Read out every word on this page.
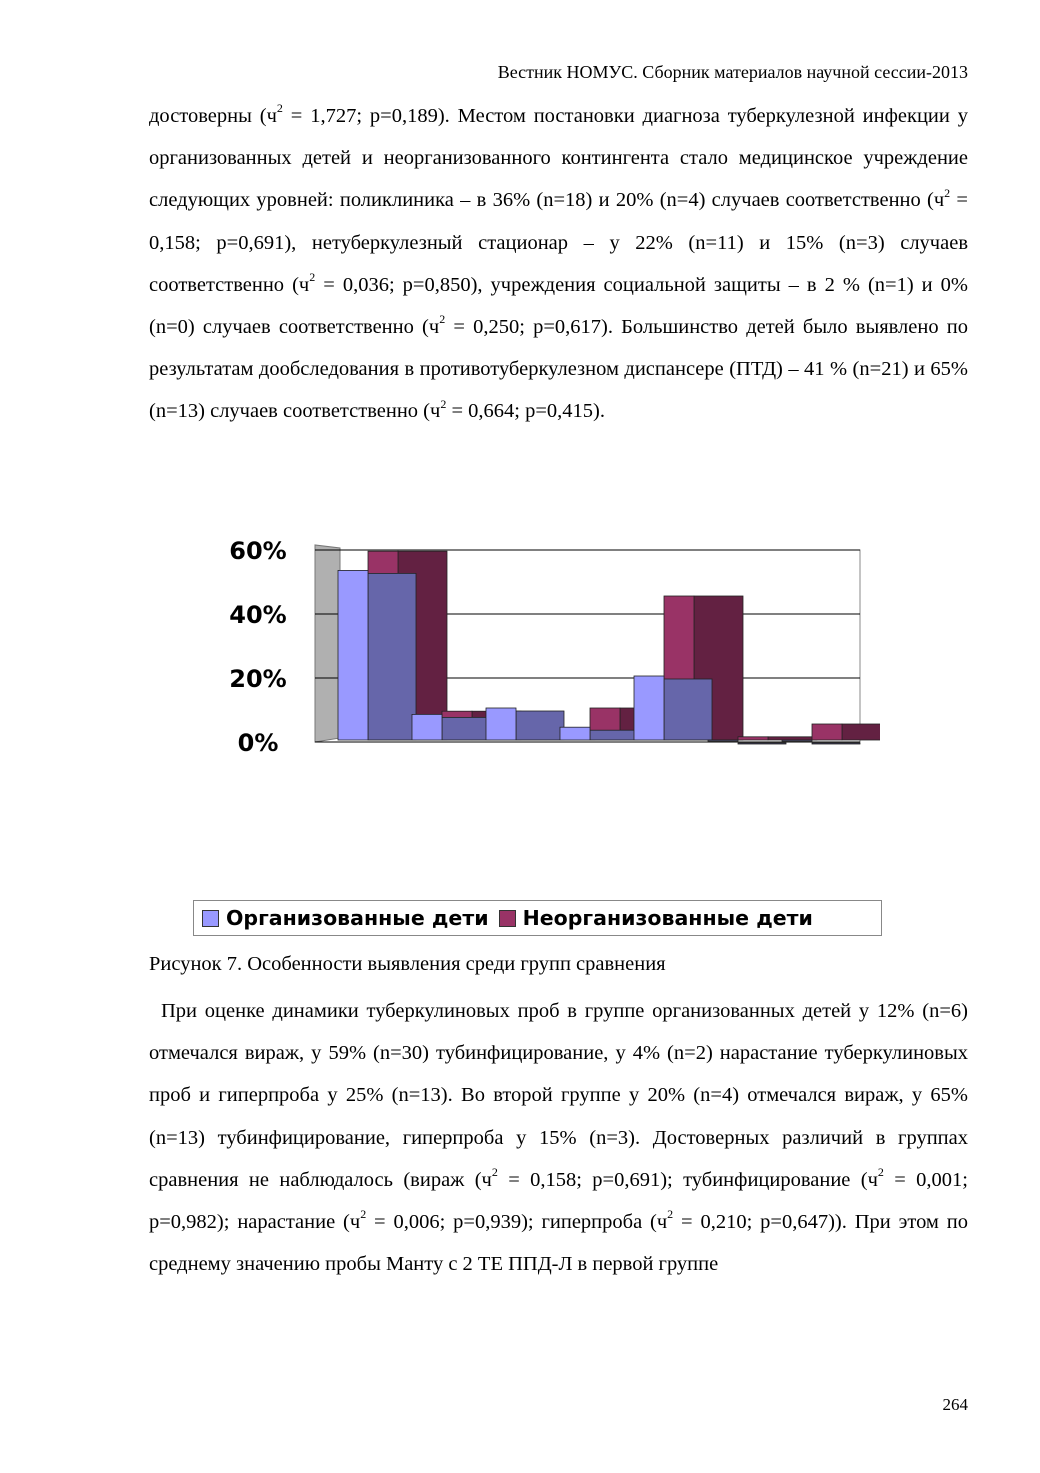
Вестник НОМУС. Сборник материалов научной сессии-2013

достоверны ($ч^2 = 1,727$; p=0,189). Местом постановки диагноза туберкулезной инфекции у организованных детей и неорганизованного контингента стало медицинское учреждение следующих уровней: поликлиника – в 36% (n=18) и 20% (n=4) случаев соответственно ($ч^2 = 0,158$; p=0,691), нетуберкулезный стационар – у 22% (n=11) и 15% (n=3) случаев соответственно ($ч^2 = 0,036$; p=0,850), учреждения социальной защиты – в 2 % (n=1) и 0% (n=0) случаев соответственно ($ч^2 = 0,250$; p=0,617). Большинство детей было выявлено по результатам дообследования в противотуберкулезном диспансере (ПТД) – 41 % (n=21) и 65% (n=13) случаев соответственно ($ч^2 = 0,664$; p=0,415).

0%
20%
40%
60%
Организованные дети Неорганизованные дети
Рисунок 7. Особенности выявления среди групп сравнения

При оценке динамики туберкулиновых проб в группе организованных детей у 12% (n=6) отмечался вираж, у 59% (n=30) тубинфицирование, у 4% (n=2) нарастание туберкулиновых проб и гиперпроба у 25% (n=13). Во второй группе у 20% (n=4) отмечался вираж, у 65% (n=13) тубинфицирование, гиперпроба у 15% (n=3). Достоверных различий в группах сравнения не наблюдалось (вираж ($ч^2 = 0,158$; p=0,691); тубинфицирование ($ч^2 = 0,001$; p=0,982); нарастание ($ч^2 = 0,006$; p=0,939); гиперпроба ($ч^2 = 0,210$; p=0,647)). При этом по среднему значению пробы Манту с 2 ТЕ ППД-Л в первой группе

264
